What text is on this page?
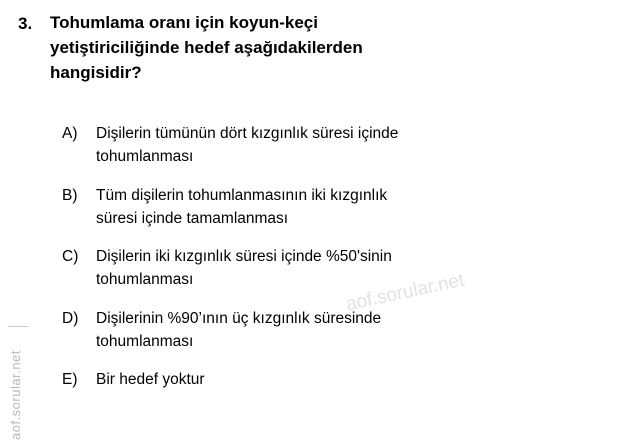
aof.sorular.net
aof.sorular.net
3. Tohumlama oranı için koyun-keçi
yetiştiriciliğinde hedef aşağıdakilerden
hangisidir?
A)	Dişilerin tümünün dört kızgınlık süresi içinde
tohumlanması
B)	Tüm dişilerin tohumlanmasının iki kızgınlık
süresi içinde tamamlanması
C)	Dişilerin iki kızgınlık süresi içinde %50'sinin
tohumlanması
D)	Dişilerinin %90’ının üç kızgınlık süresinde
tohumlanması
E)	Bir hedef yoktur
